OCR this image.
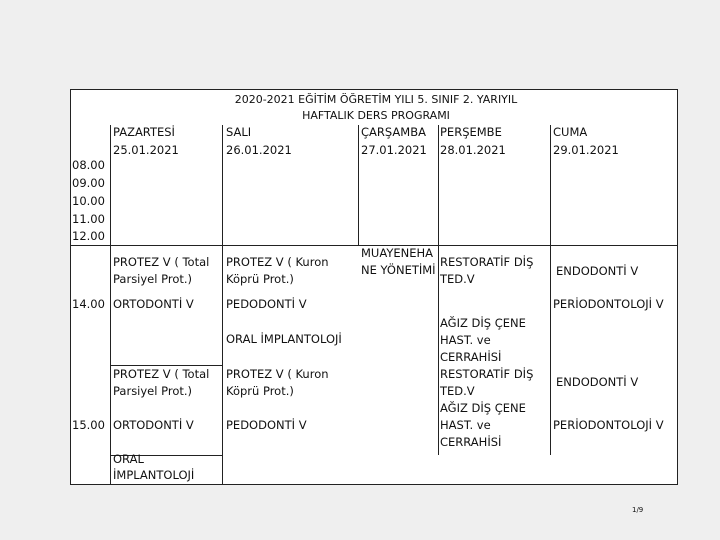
2020-2021 EĞİTİM ÖĞRETİM YILI 5. SINIF 2. YARIYIL
HAFTALIK DERS PROGRAMI
PAZARTESİ
25.01.2021
SALI
26.01.2021
ÇARŞAMBA
27.01.2021
PERŞEMBE
28.01.2021
CUMA
29.01.2021
08.00
09.00
10.00
11.00
12.00
14.00
15.00
PROTEZ V ( Total
Parsiyel Prot.)
ORTODONTİ V
PROTEZ V ( Total
Parsiyel Prot.)
ORTODONTİ V
ORAL
İMPLANTOLOJİ
PROTEZ V ( Kuron
Köprü Prot.)
PEDODONTİ V
ORAL İMPLANTOLOJİ
PROTEZ V ( Kuron
Köprü Prot.)
PEDODONTİ V
MUAYENEHA
NE YÖNETİMİ
RESTORATİF DİŞ
TED.V
AĞIZ DİŞ ÇENE
HAST. ve
CERRAHİSİ
RESTORATİF DİŞ
TED.V
AĞIZ DİŞ ÇENE
HAST. ve
CERRAHİSİ
ENDODONTİ V
PERİODONTOLOJİ V
ENDODONTİ V
PERİODONTOLOJİ V
1/9
